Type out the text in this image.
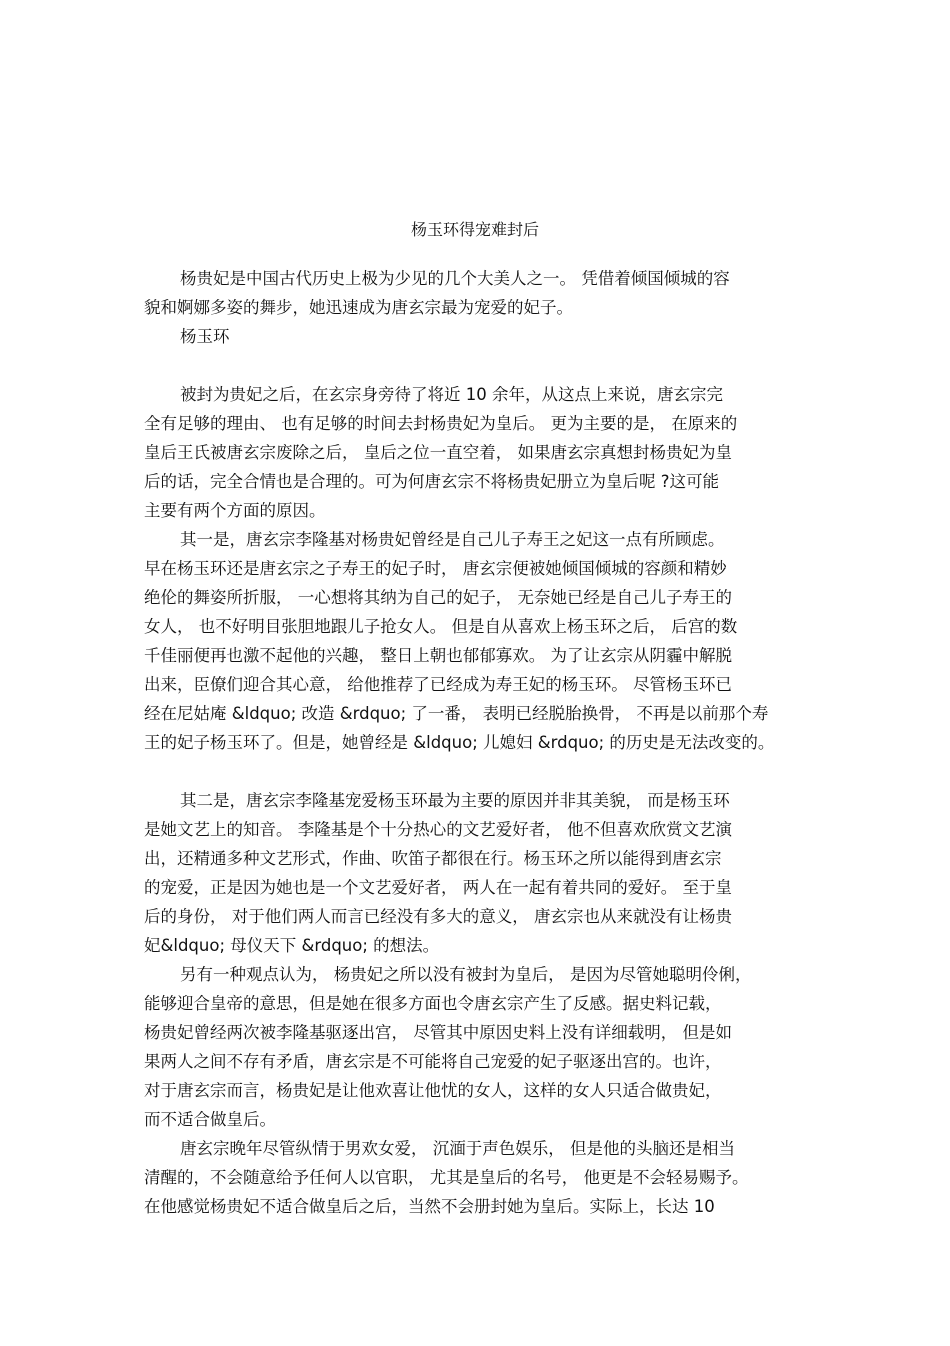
杨玉环得宠难封后
杨贵妃是中国古代历史上极为少见的几个大美人之一。 凭借着倾国倾城的容
貌和婀娜多姿的舞步，她迅速成为唐玄宗最为宠爱的妃子。
杨玉环
被封为贵妃之后，在玄宗身旁待了将近 10 余年，从这点上来说，唐玄宗完
全有足够的理由、 也有足够的时间去封杨贵妃为皇后。 更为主要的是， 在原来的
皇后王氏被唐玄宗废除之后， 皇后之位一直空着， 如果唐玄宗真想封杨贵妃为皇
后的话，完全合情也是合理的。可为何唐玄宗不将杨贵妃册立为皇后呢 ?这可能
主要有两个方面的原因。
其一是，唐玄宗李隆基对杨贵妃曾经是自己儿子寿王之妃这一点有所顾虑。
早在杨玉环还是唐玄宗之子寿王的妃子时， 唐玄宗便被她倾国倾城的容颜和精妙
绝伦的舞姿所折服， 一心想将其纳为自己的妃子， 无奈她已经是自己儿子寿王的
女人， 也不好明目张胆地跟儿子抢女人。 但是自从喜欢上杨玉环之后， 后宫的数
千佳丽便再也激不起他的兴趣， 整日上朝也郁郁寡欢。 为了让玄宗从阴霾中解脱
出来，臣僚们迎合其心意， 给他推荐了已经成为寿王妃的杨玉环。 尽管杨玉环已
经在尼姑庵 &ldquo; 改造 &rdquo; 了一番， 表明已经脱胎换骨， 不再是以前那个寿
王的妃子杨玉环了。但是，她曾经是 &ldquo; 儿媳妇 &rdquo; 的历史是无法改变的。
其二是，唐玄宗李隆基宠爱杨玉环最为主要的原因并非其美貌， 而是杨玉环
是她文艺上的知音。 李隆基是个十分热心的文艺爱好者， 他不但喜欢欣赏文艺演
出，还精通多种文艺形式，作曲、吹笛子都很在行。杨玉环之所以能得到唐玄宗
的宠爱，正是因为她也是一个文艺爱好者， 两人在一起有着共同的爱好。 至于皇
后的身份， 对于他们两人而言已经没有多大的意义， 唐玄宗也从来就没有让杨贵
妃&ldquo; 母仪天下 &rdquo; 的想法。
另有一种观点认为， 杨贵妃之所以没有被封为皇后， 是因为尽管她聪明伶俐，
能够迎合皇帝的意思，但是她在很多方面也令唐玄宗产生了反感。据史料记载，
杨贵妃曾经两次被李隆基驱逐出宫， 尽管其中原因史料上没有详细载明， 但是如
果两人之间不存有矛盾，唐玄宗是不可能将自己宠爱的妃子驱逐出宫的。也许，
对于唐玄宗而言，杨贵妃是让他欢喜让他忧的女人，这样的女人只适合做贵妃，
而不适合做皇后。
唐玄宗晚年尽管纵情于男欢女爱， 沉湎于声色娱乐， 但是他的头脑还是相当
清醒的，不会随意给予任何人以官职， 尤其是皇后的名号， 他更是不会轻易赐予。
在他感觉杨贵妃不适合做皇后之后，当然不会册封她为皇后。实际上，长达 10
